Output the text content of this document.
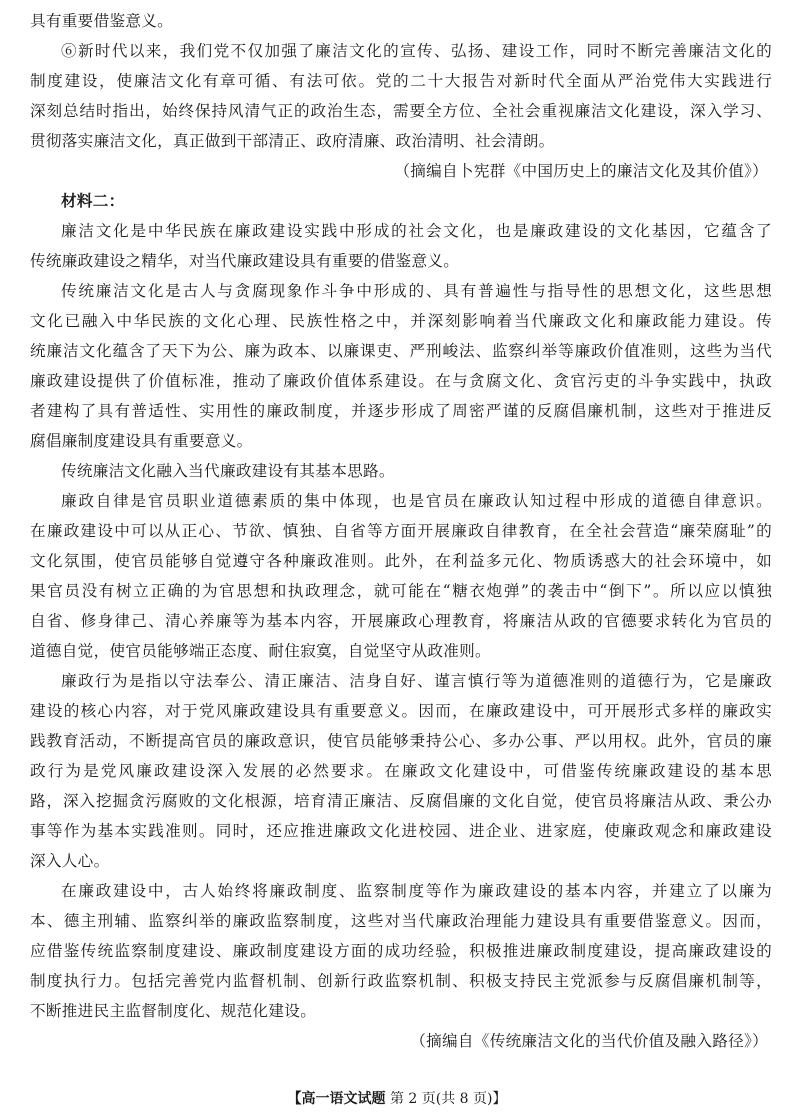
具有重要借鉴意义。
⑥新时代以来，我们党不仅加强了廉洁文化的宣传、弘扬、建设工作，同时不断完善廉洁文化的
制度建设，使廉洁文化有章可循、有法可依。党的二十大报告对新时代全面从严治党伟大实践进行
深刻总结时指出，始终保持风清气正的政治生态，需要全方位、全社会重视廉洁文化建设，深入学习、
贯彻落实廉洁文化，真正做到干部清正、政府清廉、政治清明、社会清朗。
（摘编自卜宪群《中国历史上的廉洁文化及其价值》）
材料二：
廉洁文化是中华民族在廉政建设实践中形成的社会文化，也是廉政建设的文化基因，它蕴含了
传统廉政建设之精华，对当代廉政建设具有重要的借鉴意义。
传统廉洁文化是古人与贪腐现象作斗争中形成的、具有普遍性与指导性的思想文化，这些思想
文化已融入中华民族的文化心理、民族性格之中，并深刻影响着当代廉政文化和廉政能力建设。传
统廉洁文化蕴含了天下为公、廉为政本、以廉课吏、严刑峻法、监察纠举等廉政价值准则，这些为当代
廉政建设提供了价值标准，推动了廉政价值体系建设。在与贪腐文化、贪官污吏的斗争实践中，执政
者建构了具有普适性、实用性的廉政制度，并逐步形成了周密严谨的反腐倡廉机制，这些对于推进反
腐倡廉制度建设具有重要意义。
传统廉洁文化融入当代廉政建设有其基本思路。
廉政自律是官员职业道德素质的集中体现，也是官员在廉政认知过程中形成的道德自律意识。
在廉政建设中可以从正心、节欲、慎独、自省等方面开展廉政自律教育，在全社会营造“廉荣腐耻”的
文化氛围，使官员能够自觉遵守各种廉政准则。此外，在利益多元化、物质诱惑大的社会环境中，如
果官员没有树立正确的为官思想和执政理念，就可能在“糖衣炮弹”的袭击中“倒下”。所以应以慎独
自省、修身律己、清心养廉等为基本内容，开展廉政心理教育，将廉洁从政的官德要求转化为官员的
道德自觉，使官员能够端正态度、耐住寂寞，自觉坚守从政准则。
廉政行为是指以守法奉公、清正廉洁、洁身自好、谨言慎行等为道德准则的道德行为，它是廉政
建设的核心内容，对于党风廉政建设具有重要意义。因而，在廉政建设中，可开展形式多样的廉政实
践教育活动，不断提高官员的廉政意识，使官员能够秉持公心、多办公事、严以用权。此外，官员的廉
政行为是党风廉政建设深入发展的必然要求。在廉政文化建设中，可借鉴传统廉政建设的基本思
路，深入挖掘贪污腐败的文化根源，培育清正廉洁、反腐倡廉的文化自觉，使官员将廉洁从政、秉公办
事等作为基本实践准则。同时，还应推进廉政文化进校园、进企业、进家庭，使廉政观念和廉政建设
深入人心。
在廉政建设中，古人始终将廉政制度、监察制度等作为廉政建设的基本内容，并建立了以廉为
本、德主刑辅、监察纠举的廉政监察制度，这些对当代廉政治理能力建设具有重要借鉴意义。因而，
应借鉴传统监察制度建设、廉政制度建设方面的成功经验，积极推进廉政制度建设，提高廉政建设的
制度执行力。包括完善党内监督机制、创新行政监察机制、积极支持民主党派参与反腐倡廉机制等，
不断推进民主监督制度化、规范化建设。
（摘编自《传统廉洁文化的当代价值及融入路径》）
【高一语文试题 第 2 页(共 8 页)】
